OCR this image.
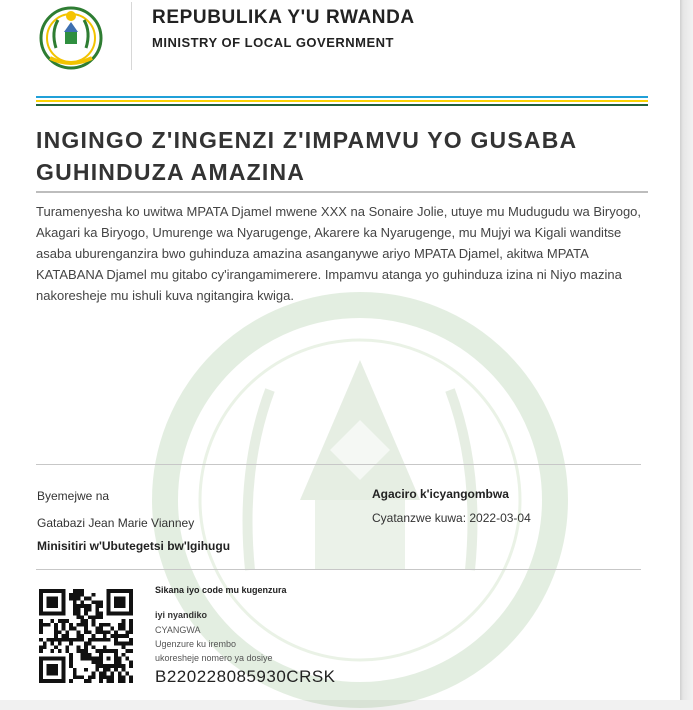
REPUBULIKA Y'U RWANDA
MINISTRY OF LOCAL GOVERNMENT
INGINGO Z'INGENZI Z'IMPAMVU YO GUSABA GUHINDUZA AMAZINA
Turamenyesha ko uwitwa MPATA Djamel mwene XXX na Sonaire Jolie, utuye mu Mudugudu wa Biryogo, Akagari ka Biryogo, Umurenge wa Nyarugenge, Akarere ka Nyarugenge, mu Mujyi wa Kigali wanditse asaba uburenganzira bwo guhinduza amazina asanganywe ariyo MPATA Djamel, akitwa MPATA KATABANA Djamel mu gitabo cy'irangamimerere. Impamvu atanga yo guhinduza izina ni Niyo mazina nakoresheje mu ishuli kuva ngitangira kwiga.
Byemejwe na
Gatabazi Jean Marie Vianney
Minisitiri w'Ubutegetsi bw'Igihugu
Agaciro k'icyangombwa
Cyatanzwe kuwa: 2022-03-04
Sikana iyo code mu kugenzura
iyi nyandiko
CYANGWA
Ugenzure ku irembo
ukoresheje nomero ya dosiye
B220228085930CRSK
